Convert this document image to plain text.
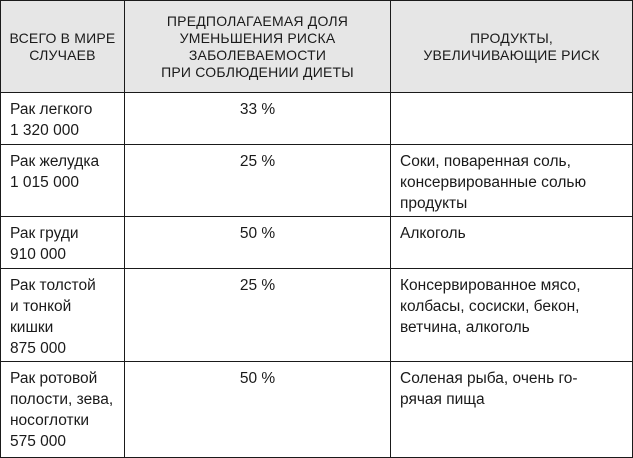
ВСЕГО В МИРЕ
СЛУЧАЕВ	ПРЕДПОЛАГАЕМАЯ ДОЛЯ
УМЕНЬШЕНИЯ РИСКА
ЗАБОЛЕВАЕМОСТИ
ПРИ СОБЛЮДЕНИИ ДИЕТЫ	ПРОДУКТЫ,
УВЕЛИЧИВАЮЩИЕ РИСК

Рак легкого
1 320 000	33 %	

Рак желудка
1 015 000	25 %	Соки, поваренная соль,
консервированные солью
продукты

Рак груди
910 000	50 %	Алкоголь

Рак толстой
и тонкой кишки
875 000	25 %	Консервированное мясо,
колбасы, сосиски, бекон,
ветчина, алкоголь

Рак ротовой
полости, зева,
носоглотки
575 000	50 %	Соленая рыба, очень го-
рячая пища
